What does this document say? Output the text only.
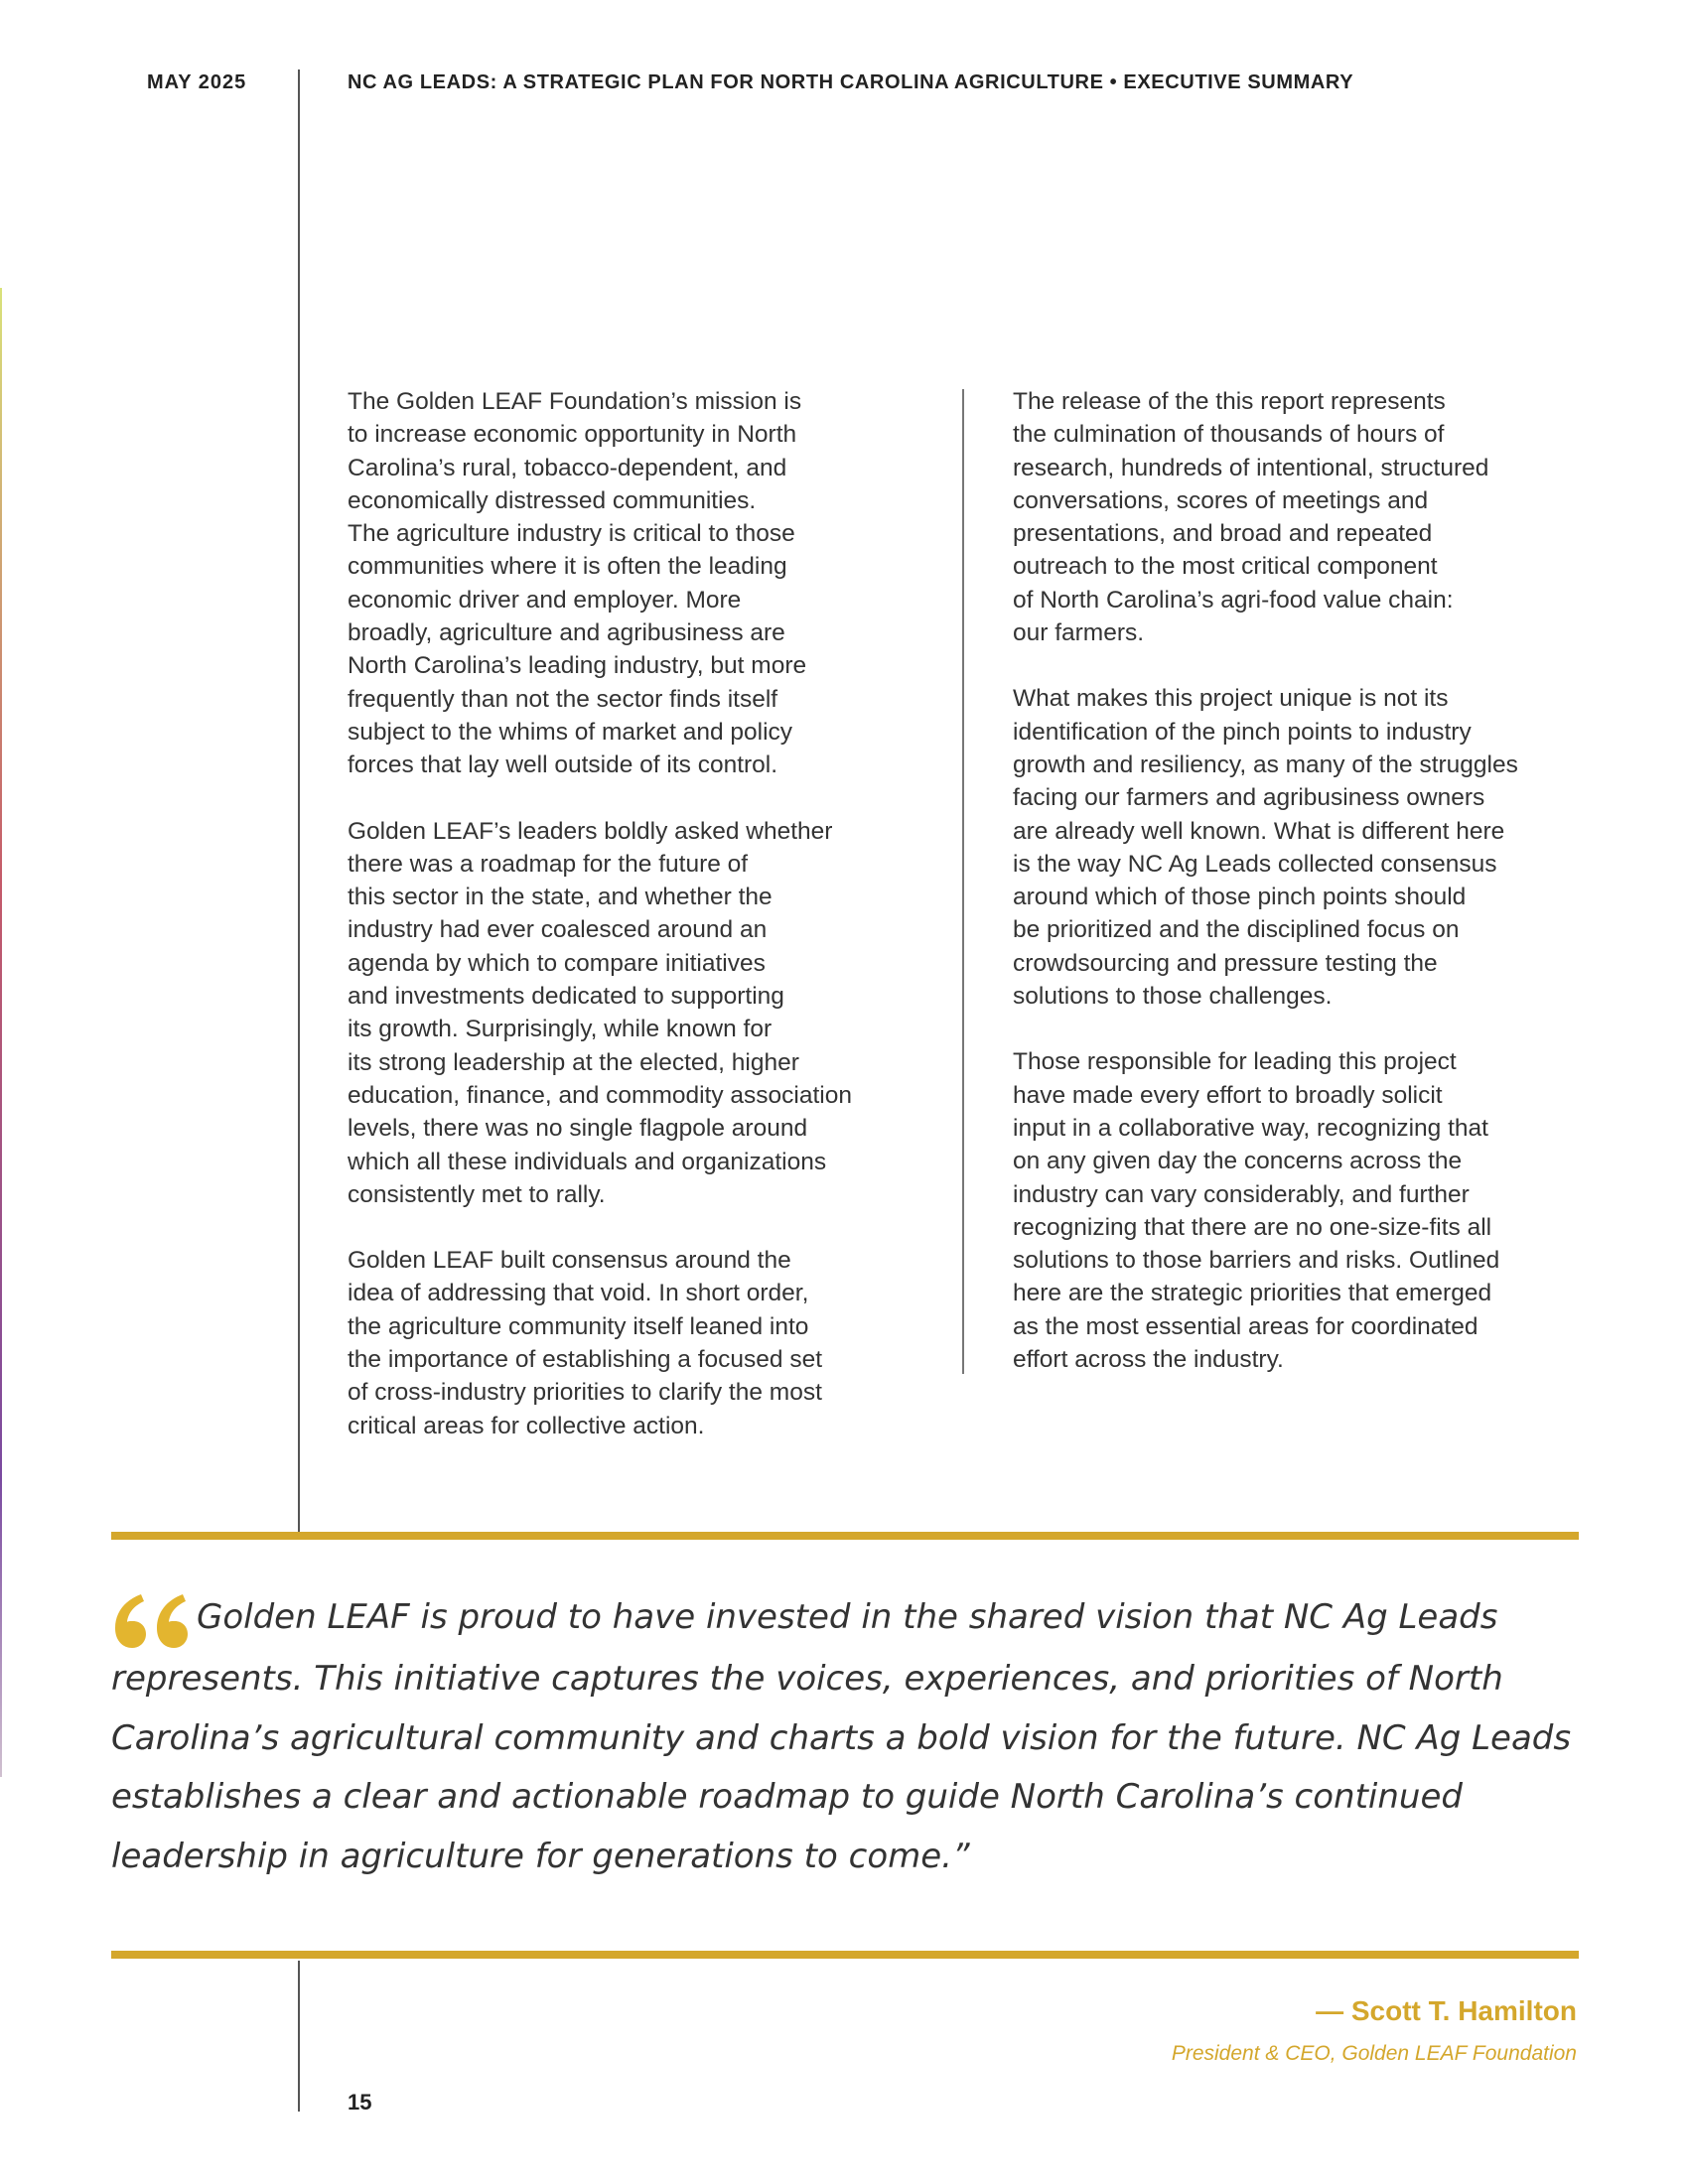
MAY 2025	NC AG LEADS: A STRATEGIC PLAN FOR NORTH CAROLINA AGRICULTURE • EXECUTIVE SUMMARY

The Golden LEAF Foundation’s mission is
to increase economic opportunity in North
Carolina’s rural, tobacco-dependent, and
economically distressed communities.
The agriculture industry is critical to those
communities where it is often the leading
economic driver and employer. More
broadly, agriculture and agribusiness are
North Carolina’s leading industry, but more
frequently than not the sector finds itself
subject to the whims of market and policy
forces that lay well outside of its control.

Golden LEAF’s leaders boldly asked whether
there was a roadmap for the future of
this sector in the state, and whether the
industry had ever coalesced around an
agenda by which to compare initiatives
and investments dedicated to supporting
its growth. Surprisingly, while known for
its strong leadership at the elected, higher
education, finance, and commodity association
levels, there was no single flagpole around
which all these individuals and organizations
consistently met to rally.

Golden LEAF built consensus around the
idea of addressing that void. In short order,
the agriculture community itself leaned into
the importance of establishing a focused set
of cross-industry priorities to clarify the most
critical areas for collective action.

The release of the this report represents
the culmination of thousands of hours of
research, hundreds of intentional, structured
conversations, scores of meetings and
presentations, and broad and repeated
outreach to the most critical component
of North Carolina’s agri-food value chain:
our farmers.

What makes this project unique is not its
identification of the pinch points to industry
growth and resiliency, as many of the struggles
facing our farmers and agribusiness owners
are already well known. What is different here
is the way NC Ag Leads collected consensus
around which of those pinch points should
be prioritized and the disciplined focus on
crowdsourcing and pressure testing the
solutions to those challenges.

Those responsible for leading this project
have made every effort to broadly solicit
input in a collaborative way, recognizing that
on any given day the concerns across the
industry can vary considerably, and further
recognizing that there are no one-size-fits all
solutions to those barriers and risks. Outlined
here are the strategic priorities that emerged
as the most essential areas for coordinated
effort across the industry.

Golden LEAF is proud to have invested in the shared vision that NC Ag Leads represents. This initiative captures the voices, experiences, and priorities of North Carolina’s agricultural community and charts a bold vision for the future. NC Ag Leads establishes a clear and actionable roadmap to guide North Carolina’s continued leadership in agriculture for generations to come.”
— Scott T. Hamilton
President & CEO, Golden LEAF Foundation
15
